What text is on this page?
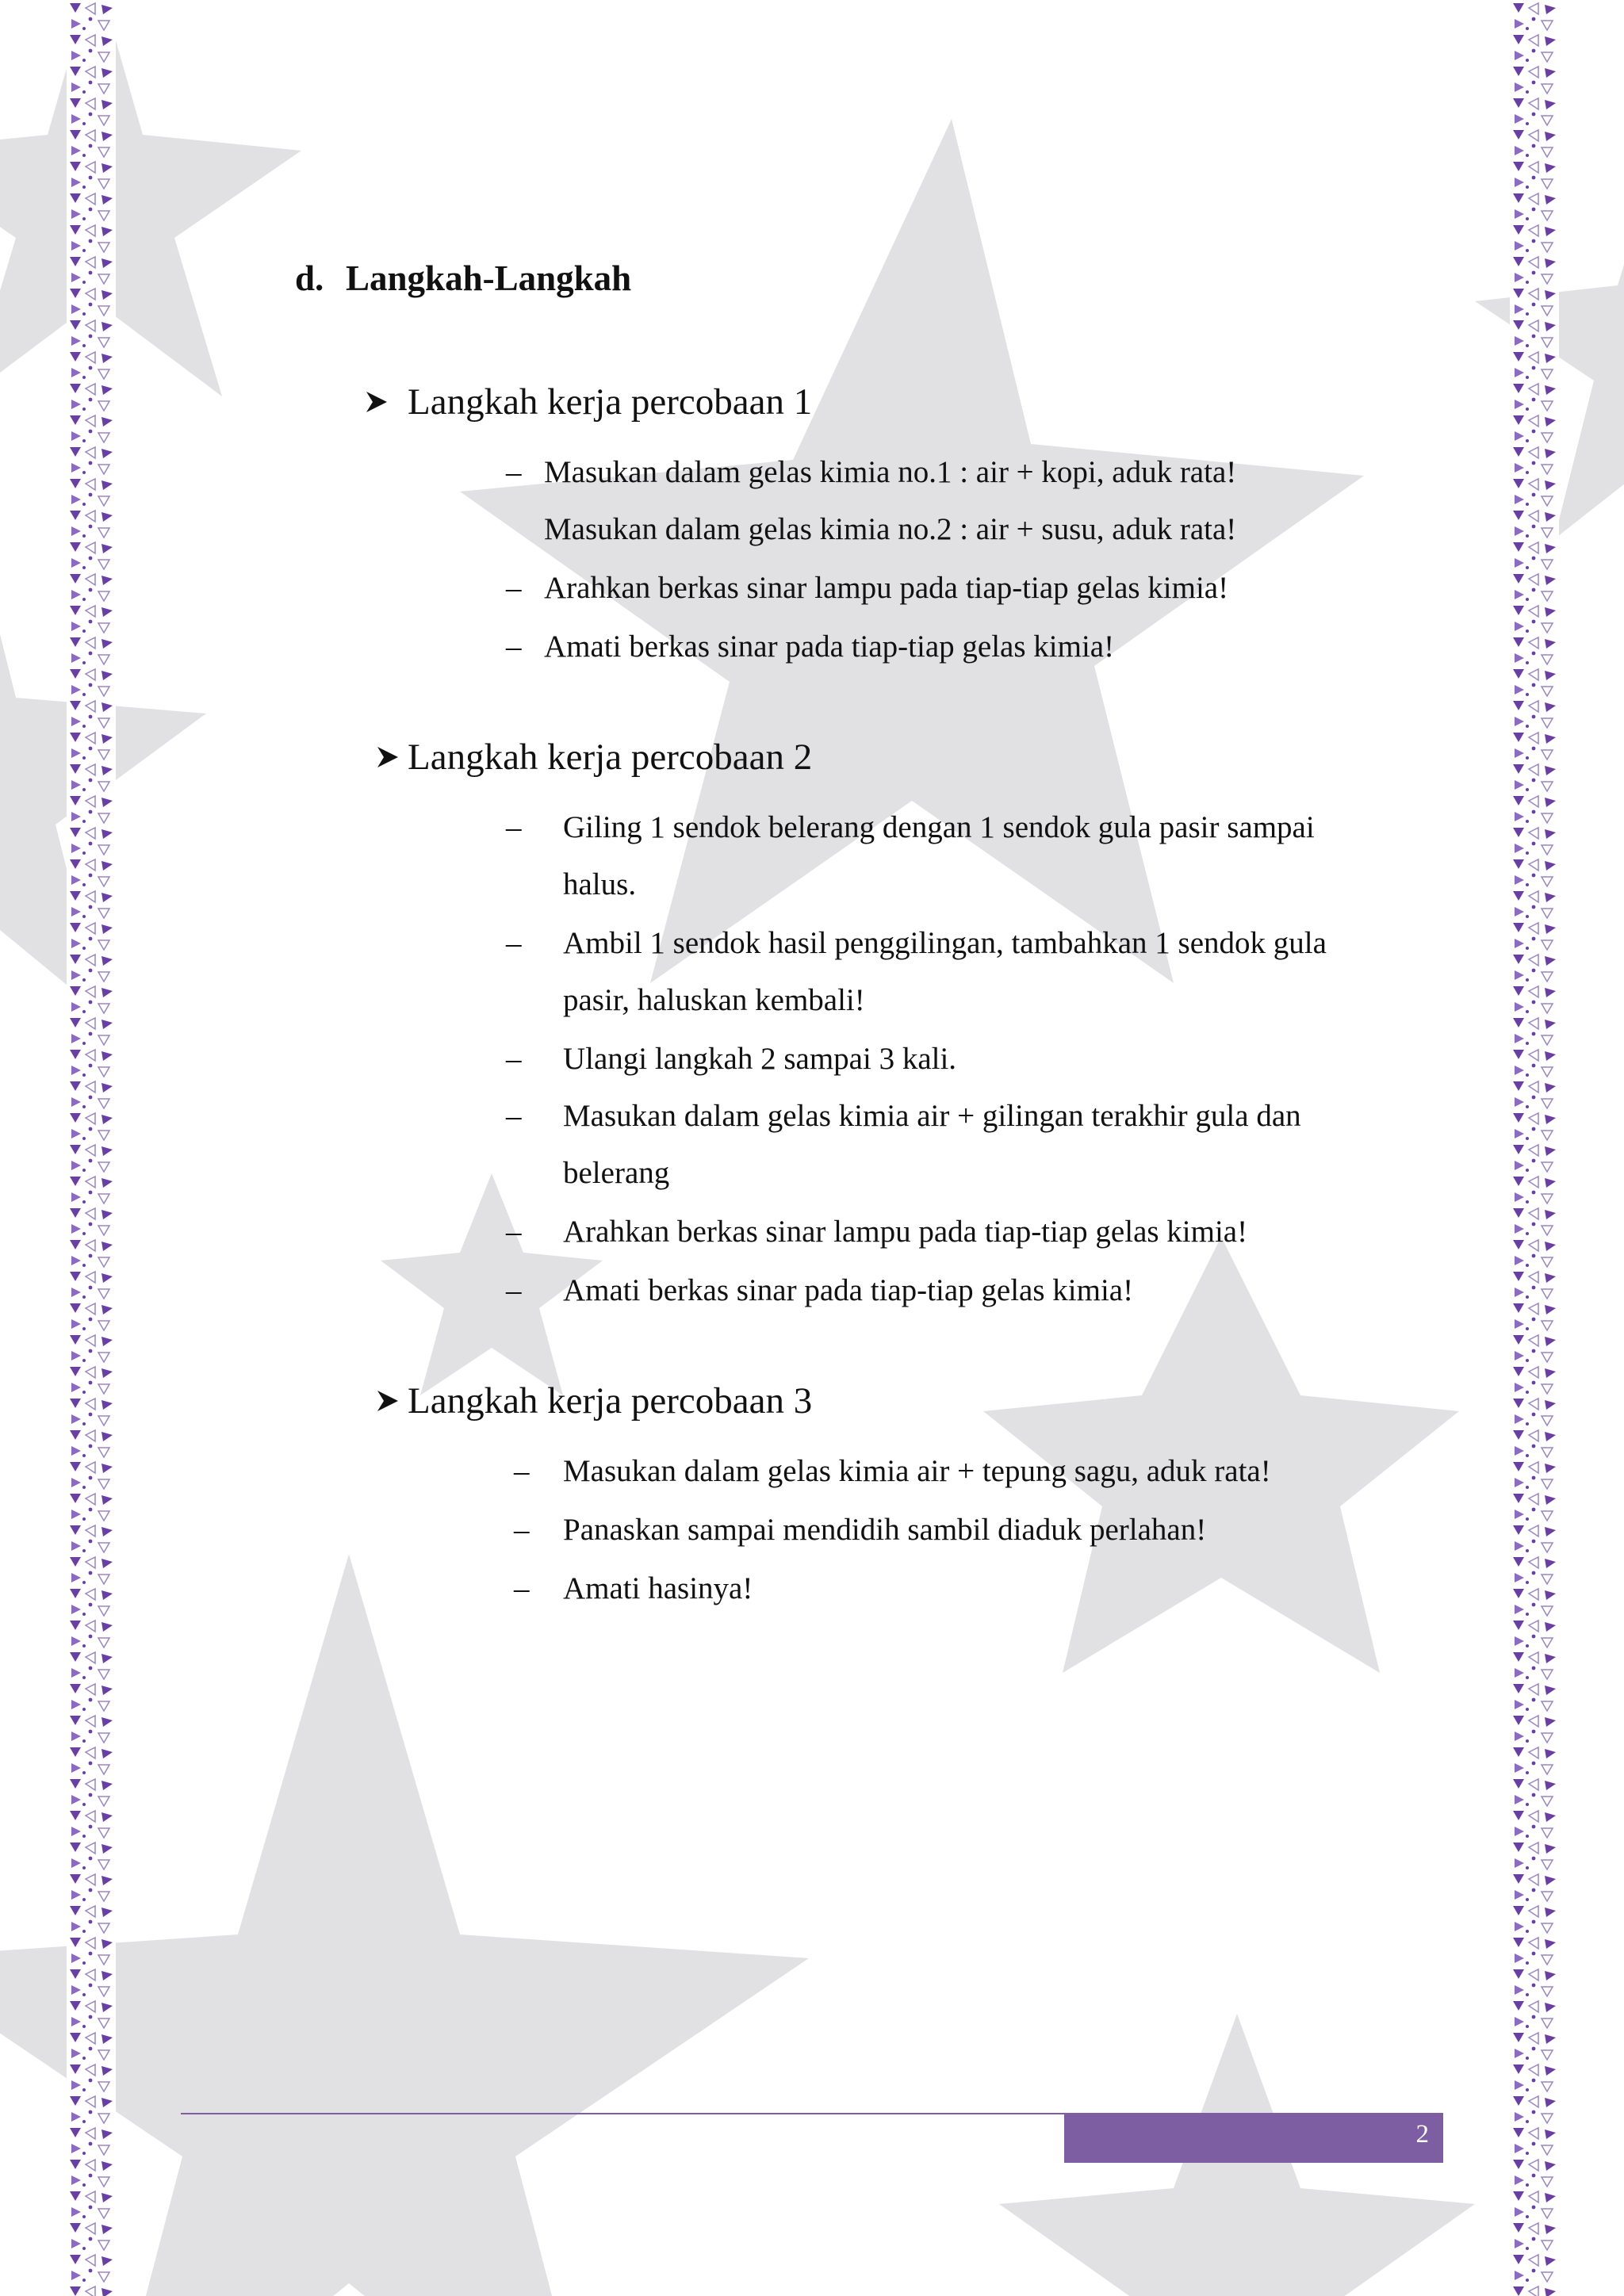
d. Langkah-Langkah
Langkah kerja percobaan 1
– Masukan dalam gelas kimia no.1 : air + kopi, aduk rata!
Masukan dalam gelas kimia no.2 : air + susu, aduk rata!
– Arahkan berkas sinar lampu pada tiap-tiap gelas kimia!
– Amati berkas sinar pada tiap-tiap gelas kimia!
Langkah kerja percobaan 2
–	Giling 1 sendok belerang dengan 1 sendok gula pasir sampai
halus.
–	Ambil 1 sendok hasil penggilingan, tambahkan 1 sendok gula
pasir, haluskan kembali!
–	Ulangi langkah 2 sampai 3 kali.
–	Masukan dalam gelas kimia air + gilingan terakhir gula dan
belerang
–	Arahkan berkas sinar lampu pada tiap-tiap gelas kimia!
–	Amati berkas sinar pada tiap-tiap gelas kimia!
Langkah kerja percobaan 3
–	Masukan dalam gelas kimia air + tepung sagu, aduk rata!
–	Panaskan sampai mendidih sambil diaduk perlahan!
–	Amati hasinya!
2
